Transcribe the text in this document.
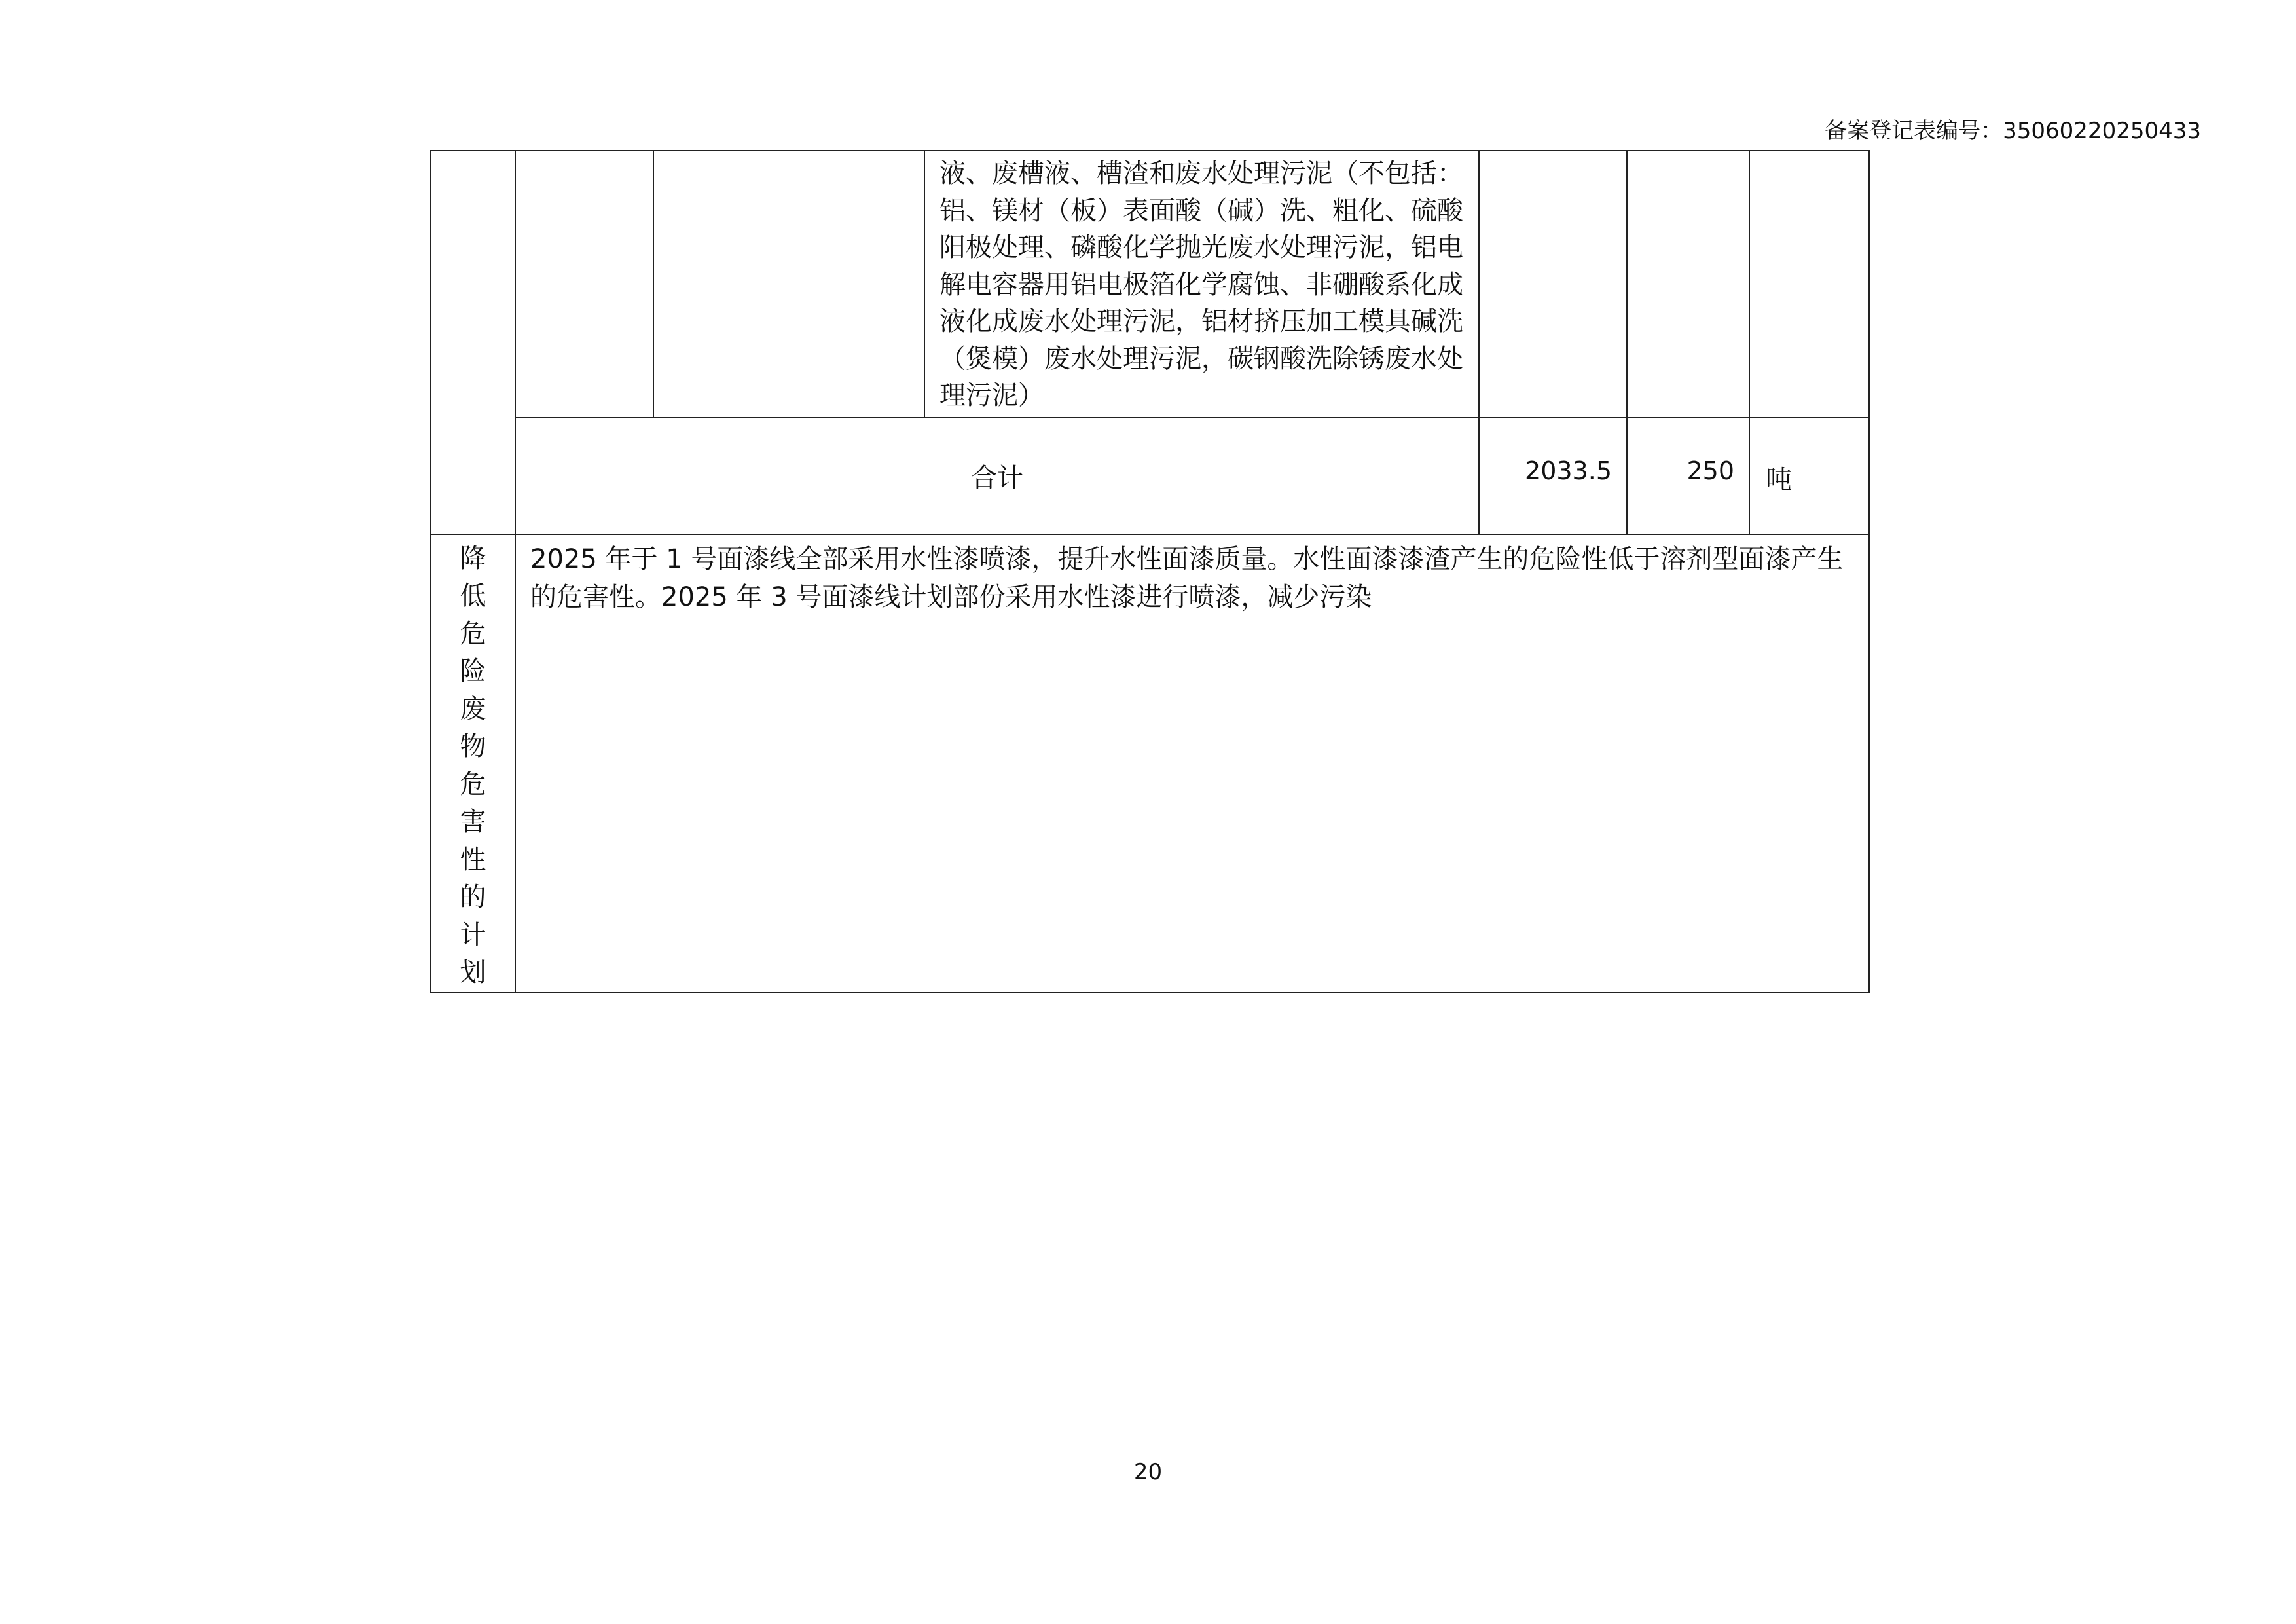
备案登记表编号：35060220250433
			液、废槽液、槽渣和废水处理污泥（不包括：铝、镁材（板）表面酸（碱）洗、粗化、硫酸阳极处理、磷酸化学抛光废水处理污泥，铝电解电容器用铝电极箔化学腐蚀、非硼酸系化成液化成废水处理污泥，铝材挤压加工模具碱洗（煲模）废水处理污泥，碳钢酸洗除锈废水处理污泥）			
	合计			2033.5	250	吨

降低危险废物危害性的计划	2025 年于 1 号面漆线全部采用水性漆喷漆，提升水性面漆质量。水性面漆漆渣产生的危险性低于溶剂型面漆产生的危害性。2025 年 3 号面漆线计划部份采用水性漆进行喷漆，减少污染					
20
